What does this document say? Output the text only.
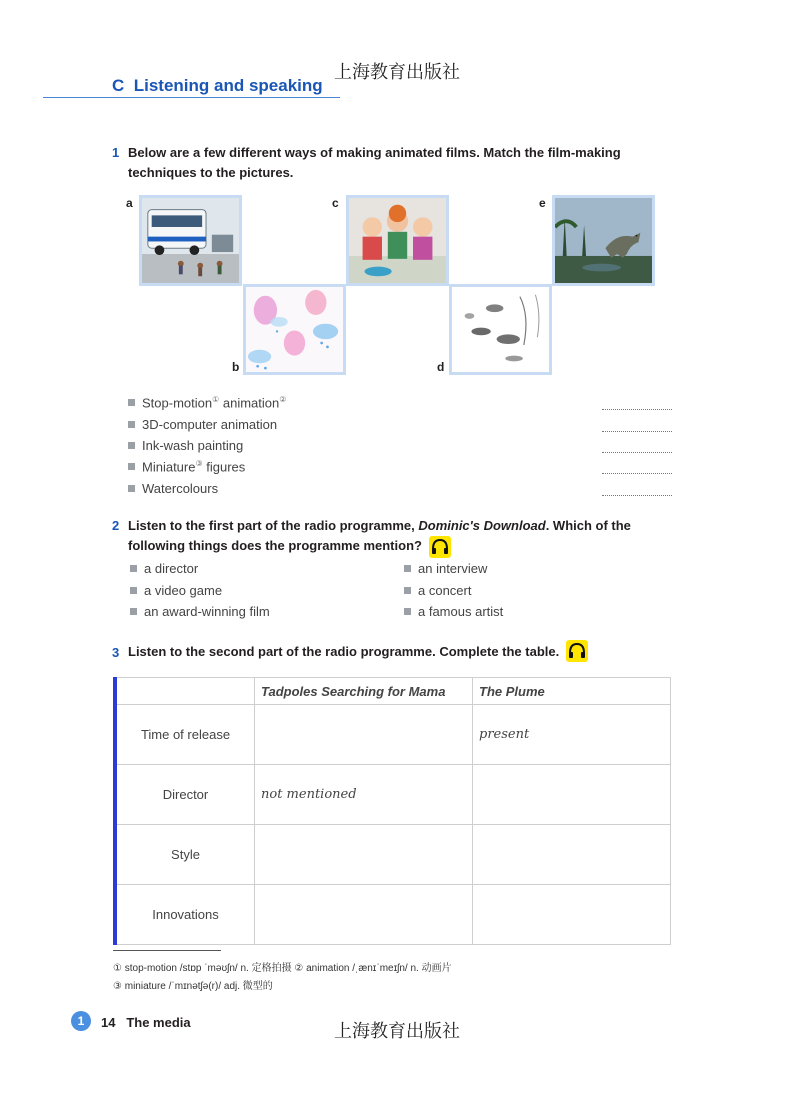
上海教育出版社
上海教育出版社
C Listening and speaking
1 Below are a few different ways of making animated films. Match the film-making
techniques to the pictures.
a
b
c
d
e
Stop-motion① animation②
3D-computer animation
Ink-wash painting
Miniature③ figures
Watercolours
2 Listen to the first part of the radio programme, Dominic's Download. Which of the
following things does the programme mention?
a director
a video game
an award-winning film
an interview
a concert
a famous artist
3 Listen to the second part of the radio programme. Complete the table.
	Tadpoles Searching for Mama	The Plume
Time of release		present
Director	not mentioned	
Style		
Innovations		
① stop-motion /stɒp ˈməʊʃn/ n. 定格拍摄 ② animation /ˌænɪˈmeɪʃn/ n. 动画片
③ miniature /ˈmɪnətʃə(r)/ adj. 微型的
1	14 The media
